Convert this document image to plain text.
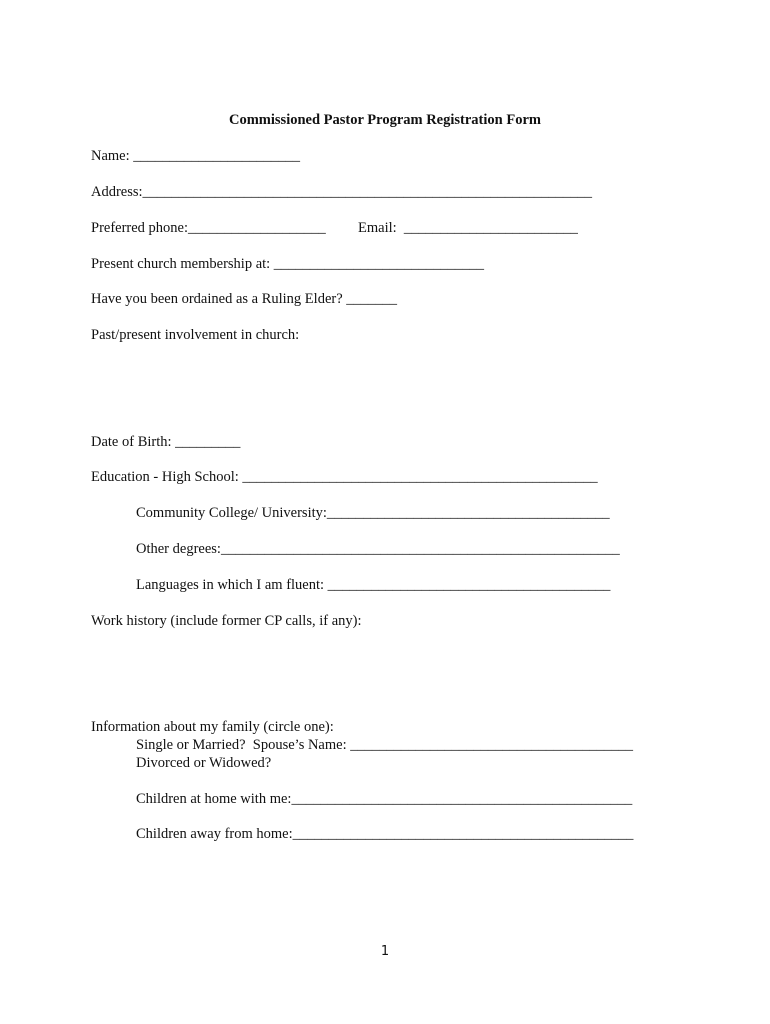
Commissioned Pastor Program Registration Form
Name: _______________________
Address:______________________________________________________________
Preferred phone:___________________ Email:  ________________________
Present church membership at: _____________________________
Have you been ordained as a Ruling Elder? _______
Past/present involvement in church:
Date of Birth: _________
Education - High School: _________________________________________________
Community College/ University:_______________________________________
Other degrees:_______________________________________________________
Languages in which I am fluent: _______________________________________
Work history (include former CP calls, if any):
Information about my family (circle one):
Single or Married?  Spouse’s Name: _______________________________________
Divorced or Widowed?
Children at home with me:_______________________________________________
Children away from home:_______________________________________________
1
